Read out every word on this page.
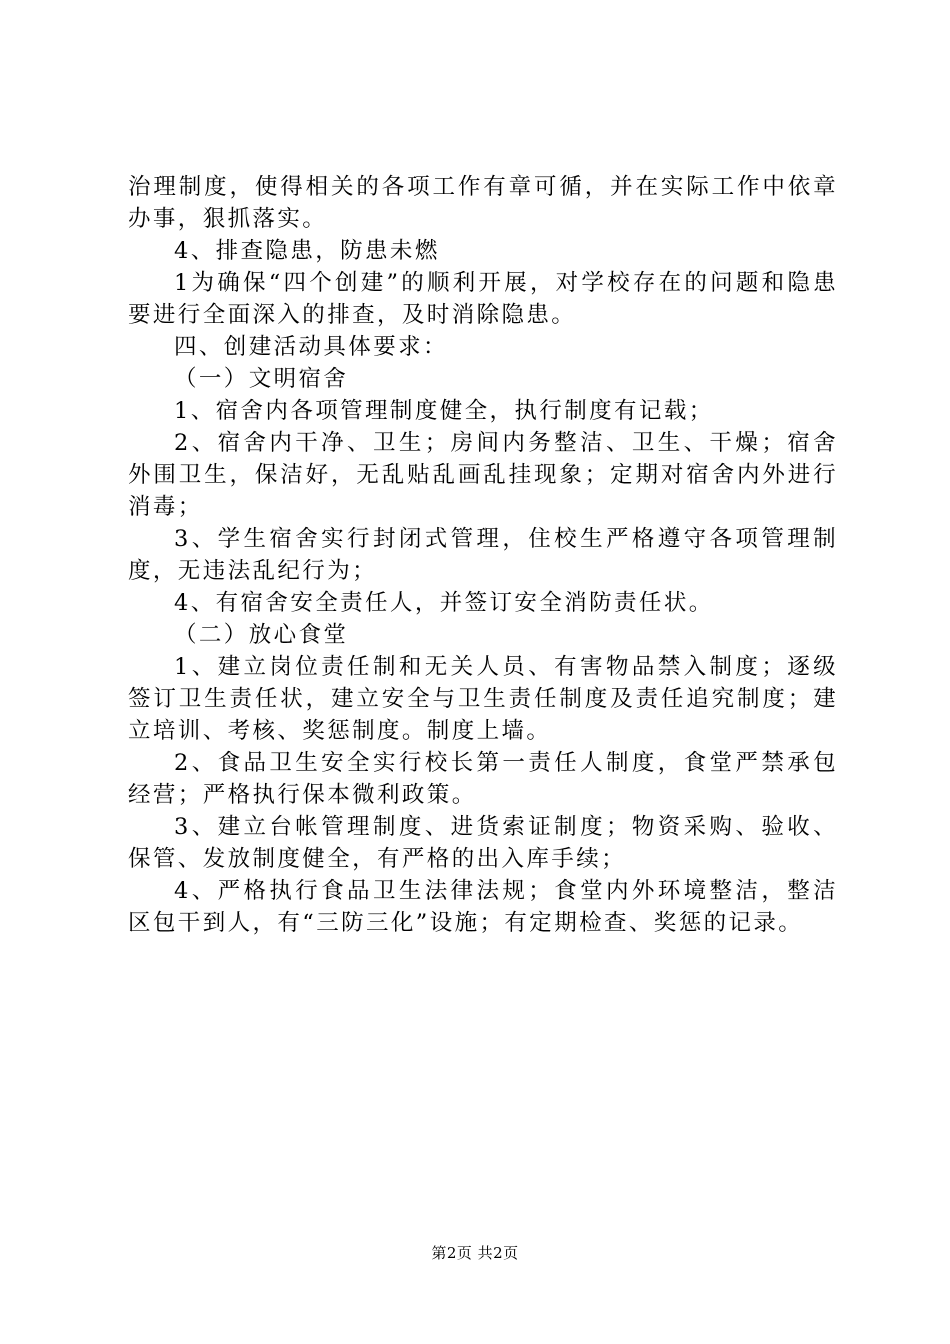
治理制度，使得相关的各项工作有章可循，并在实际工作中依章办事，狠抓落实。

4、排查隐患，防患未燃

1为确保“四个创建”的顺利开展，对学校存在的问题和隐患要进行全面深入的排查，及时消除隐患。

四、创建活动具体要求：

（一）文明宿舍

1、宿舍内各项管理制度健全，执行制度有记载；

2、宿舍内干净、卫生；房间内务整洁、卫生、干燥；宿舍外围卫生，保洁好，无乱贴乱画乱挂现象；定期对宿舍内外进行消毒；

3、学生宿舍实行封闭式管理，住校生严格遵守各项管理制度，无违法乱纪行为；

4、有宿舍安全责任人，并签订安全消防责任状。

（二）放心食堂

1、建立岗位责任制和无关人员、有害物品禁入制度；逐级签订卫生责任状，建立安全与卫生责任制度及责任追究制度；建立培训、考核、奖惩制度。制度上墙。

2、食品卫生安全实行校长第一责任人制度，食堂严禁承包经营；严格执行保本微利政策。

3、建立台帐管理制度、进货索证制度；物资采购、验收、保管、发放制度健全，有严格的出入库手续；

4、严格执行食品卫生法律法规；食堂内外环境整洁，整洁区包干到人，有“三防三化”设施；有定期检查、奖惩的记录。

第2页 共2页
